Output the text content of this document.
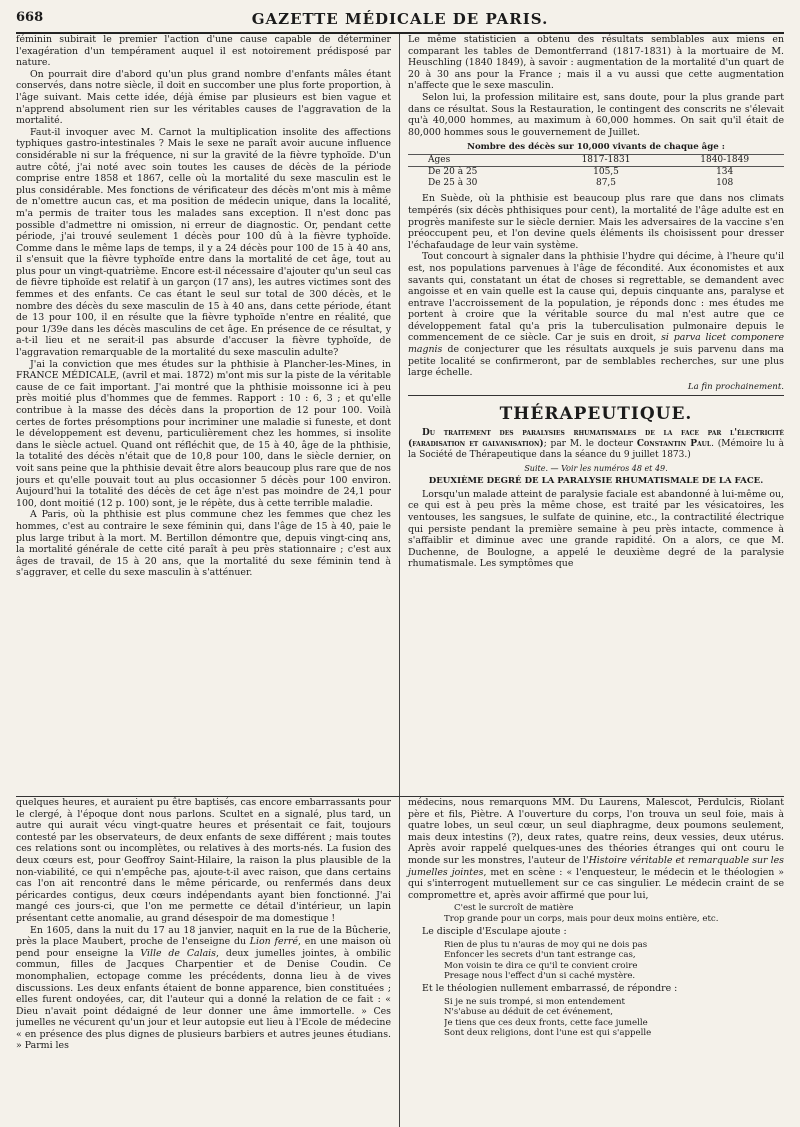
668	GAZETTE MÉDICALE DE PARIS.

féminin subirait le premier l'action d'une cause capable de déterminer l'exagération d'un tempérament auquel il est notoirement prédisposé par nature.

On pourrait dire d'abord qu'un plus grand nombre d'enfants mâles étant conservés, dans notre siècle, il doit en succomber une plus forte proportion, à l'âge suivant. Mais cette idée, déjà émise par plusieurs est bien vague et n'apprend absolument rien sur les véritables causes de l'aggravation de la mortalité.

Faut-il invoquer avec M. Carnot la multiplication insolite des affections typhiques gastro-intestinales ? Mais le sexe ne paraît avoir aucune influence considérable ni sur la fréquence, ni sur la gravité de la fièvre typhoïde. D'un autre côté, j'ai noté avec soin toutes les causes de décès de la période comprise entre 1858 et 1867, celle où la mortalité du sexe masculin est le plus considérable. Mes fonctions de vérificateur des décès m'ont mis à même de n'omettre aucun cas, et ma position de médecin unique, dans la localité, m'a permis de traiter tous les malades sans exception. Il n'est donc pas possible d'admettre ni omission, ni erreur de diagnostic. Or, pendant cette période, j'ai trouvé seulement 1 décès pour 100 dû à la fièvre typhoïde. Comme dans le même laps de temps, il y a 24 décès pour 100 de 15 à 40 ans, il s'ensuit que la fièvre typhoïde entre dans la mortalité de cet âge, tout au plus pour un vingt-quatrième. Encore est-il nécessaire d'ajouter qu'un seul cas de fièvre tiphoïde est relatif à un garçon (17 ans), les autres victimes sont des femmes et des enfants. Ce cas étant le seul sur total de 300 décès, et le nombre des décès du sexe masculin de 15 à 40 ans, dans cette période, étant de 13 pour 100, il en résulte que la fièvre typhoïde n'entre en réalité, que pour 1/39e dans les décès masculins de cet âge. En présence de ce résultat, y a-t-il lieu et ne serait-il pas absurde d'accuser la fièvre typhoïde, de l'aggravation remarquable de la mortalité du sexe masculin adulte?

J'ai la conviction que mes études sur la phthisie à Plancher-les-Mines, in FRANCE MÉDICALE, (avril et mai. 1872) m'ont mis sur la piste de la véritable cause de ce fait important. J'ai montré que la phthisie moissonne ici à peu près moitié plus d'hommes que de femmes. Rapport : 10 : 6, 3 ; et qu'elle contribue à la masse des décès dans la proportion de 12 pour 100. Voilà certes de fortes présomptions pour incriminer une maladie si funeste, et dont le développement est devenu, particulièrement chez les hommes, si insolite dans le siècle actuel. Quand ont réfléchit que, de 15 à 40, âge de la phthisie, la totalité des décès n'était que de 10,8 pour 100, dans le siècle dernier, on voit sans peine que la phthisie devait être alors beaucoup plus rare que de nos jours et qu'elle pouvait tout au plus occasionner 5 décès pour 100 environ. Aujourd'hui la totalité des décès de cet âge n'est pas moindre de 24,1 pour 100, dont moitié (12 p. 100) sont, je le répète, dus à cette terrible maladie.

A Paris, où la phthisie est plus commune chez les femmes que chez les hommes, c'est au contraire le sexe féminin qui, dans l'âge de 15 à 40, paie le plus large tribut à la mort. M. Bertillon démontre que, depuis vingt-cinq ans, la mortalité générale de cette cité paraît à peu près stationnaire ; c'est aux âges de travail, de 15 à 20 ans, que la mortalité du sexe féminin tend à s'aggraver, et celle du sexe masculin à s'atténuer.

Le même statisticien a obtenu des résultats semblables aux miens en comparant les tables de Demontferrand (1817-1831) à la mortuaire de M. Heuschling (1840 1849), à savoir : augmentation de la mortalité d'un quart de 20 à 30 ans pour la France ; mais il a vu aussi que cette augmentation n'affecte que le sexe masculin.

Selon lui, la profession militaire est, sans doute, pour la plus grande part dans ce résultat. Sous la Restauration, le contingent des conscrits ne s'élevait qu'à 40,000 hommes, au maximum à 60,000 hommes. On sait qu'il était de 80,000 hommes sous le gouvernement de Juillet.

Nombre des décès sur 10,000 vivants de chaque âge :
Ages	1817-1831	1840-1849
De 20 à 25	105,5	134
De 25 à 30	87,5	108

En Suède, où la phthisie est beaucoup plus rare que dans nos climats tempérés (six décès phthisiques pour cent), la mortalité de l'âge adulte est en progrès manifeste sur le siècle dernier. Mais les adversaires de la vaccine s'en préoccupent peu, et l'on devine quels éléments ils choisissent pour dresser l'échafaudage de leur vain système.

Tout concourt à signaler dans la phthisie l'hydre qui décime, à l'heure qu'il est, nos populations parvenues à l'âge de fécondité. Aux économistes et aux savants qui, constatant un état de choses si regrettable, se demandent avec angoisse et en vain quelle est la cause qui, depuis cinquante ans, paralyse et entrave l'accroissement de la population, je réponds donc : mes études me portent à croire que la véritable source du mal n'est autre que ce développement fatal qu'a pris la tuberculisation pulmonaire depuis le commencement de ce siècle. Car je suis en droit, si parva licet componere magnis de conjecturer que les résultats auxquels je suis parvenu dans ma petite localité se confirmeront, par de semblables recherches, sur une plus large échelle.

La fin prochainement.
THÉRAPEUTIQUE.

Du traitement des paralysies rhumatismales de la face par l'électricité (faradisation et galvanisation); par M. le docteur Constantin Paul. (Mémoire lu à la Société de Thérapeutique dans la séance du 9 juillet 1873.)

Suite. — Voir les numéros 48 et 49.
DEUXIÈME DEGRÉ DE LA PARALYSIE RHUMATISMALE DE LA FACE.

Lorsqu'un malade atteint de paralysie faciale est abandonné à lui-même ou, ce qui est à peu près la même chose, est traité par les vésicatoires, les ventouses, les sangsues, le sulfate de quinine, etc., la contractilité électrique qui persiste pendant la première semaine à peu près intacte, commence à s'affaiblir et diminue avec une grande rapidité. On a alors, ce que M. Duchenne, de Boulogne, a appelé le deuxième degré de la paralysie rhumatismale. Les symptômes que

quelques heures, et auraient pu être baptisés, cas encore embarrassants pour le clergé, à l'époque dont nous parlons. Scultet en a signalé, plus tard, un autre qui aurait vécu vingt-quatre heures et présentait ce fait, toujours contesté par les observateurs, de deux enfants de sexe différent ; mais toutes ces relations sont ou incomplètes, ou relatives à des morts-nés. La fusion des deux cœurs est, pour Geoffroy Saint-Hilaire, la raison la plus plausible de la non-viabilité, ce qui n'empêche pas, ajoute-t-il avec raison, que dans certains cas l'on ait rencontré dans le même péricarde, ou renfermés dans deux péricardes contigus, deux cœurs indépendants ayant bien fonctionné. J'ai mangé ces jours-ci, que l'on me permette ce détail d'intérieur, un lapin présentant cette anomalie, au grand désespoir de ma domestique !

En 1605, dans la nuit du 17 au 18 janvier, naquit en la rue de la Bûcherie, près la place Maubert, proche de l'enseigne du Lion ferré, en une maison où pend pour enseigne la Ville de Calais, deux jumelles jointes, à ombilic commun, filles de Jacques Charpentier et de Denise Coudin. Ce monomphalien, ectopage comme les précédents, donna lieu à de vives discussions. Les deux enfants étaient de bonne apparence, bien constituées ; elles furent ondoyées, car, dit l'auteur qui a donné la relation de ce fait : « Dieu n'avait point dédaigné de leur donner une âme immortelle. » Ces jumelles ne vécurent qu'un jour et leur autopsie eut lieu à l'Ecole de médecine « en présence des plus dignes de plusieurs barbiers et autres jeunes étudians. » Parmi les

médecins, nous remarquons MM. Du Laurens, Malescot, Perdulcis, Riolant père et fils, Piètre. A l'ouverture du corps, l'on trouva un seul foie, mais à quatre lobes, un seul cœur, un seul diaphragme, deux poumons seulement, mais deux intestins (?), deux rates, quatre reins, deux vessies, deux utérus. Après avoir rappelé quelques-unes des théories étranges qui ont couru le monde sur les monstres, l'auteur de l'Histoire véritable et remarquable sur les jumelles jointes, met en scène : « l'enquesteur, le médecin et le théologien » qui s'interrogent mutuellement sur ce cas singulier. Le médecin craint de se compromettre et, après avoir affirmé que pour lui,

C'est le surcroît de matière
Trop grande pour un corps, mais pour deux moins entière, etc.

Le disciple d'Esculape ajoute :

Rien de plus tu n'auras de moy qui ne dois pas
Enfoncer les secrets d'un tant estrange cas,
Mon voisin te dira ce qu'il te convient croire
Presage nous l'effect d'un si caché mystère.

Et le théologien nullement embarrassé, de répondre :

Si je ne suis trompé, si mon entendement
N's'abuse au déduit de cet événement,
Je tiens que ces deux fronts, cette face jumelle
Sont deux religions, dont l'une est qui s'appelle
